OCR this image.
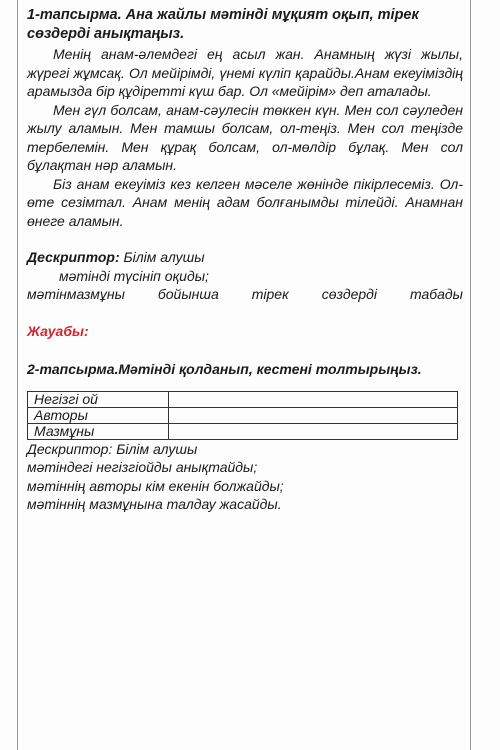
1-тапсырма. Ана жайлы мәтінді мұқият оқып, тірек
сөздерді анықтаңыз.

Менің анам-әлемдегі ең асыл жан. Анамның жүзі жылы, жүрегі жұмсақ. Ол мейірімді, үнемі күліп қарайды.Анам екеуіміздің арамызда бір құдіретті күш бар. Ол «мейірім» деп аталады.

Мен гүл болсам, анам-сәулесін төккен күн. Мен сол сәуледен жылу аламын. Мен тамшы болсам, ол-теңіз. Мен сол теңізде тербелемін. Мен құрақ болсам, ол-мөлдір бұлақ. Мен сол бұлақтан нәр аламын.

Біз анам екеуіміз кез келген мәселе жөнінде пікірлесеміз. Ол- өте сезімтал. Анам менің адам болғанымды тілейді. Анамнан өнеге аламын.

Дескриптор: Білім алушы
мәтінді түсініп оқиды;
мәтінмазмұны бойынша тірек сөздерді табады
Жауабы:
2-тапсырма.Мәтінді қолданып, кестені толтырыңыз.
Негізгі ой	
Авторы	
Мазмұны	
Дескриптор: Білім алушы
мәтіндегі негізгіойды анықтайды;
мәтіннің авторы кім екенін болжайды;
мәтіннің мазмұнына талдау жасайды.
